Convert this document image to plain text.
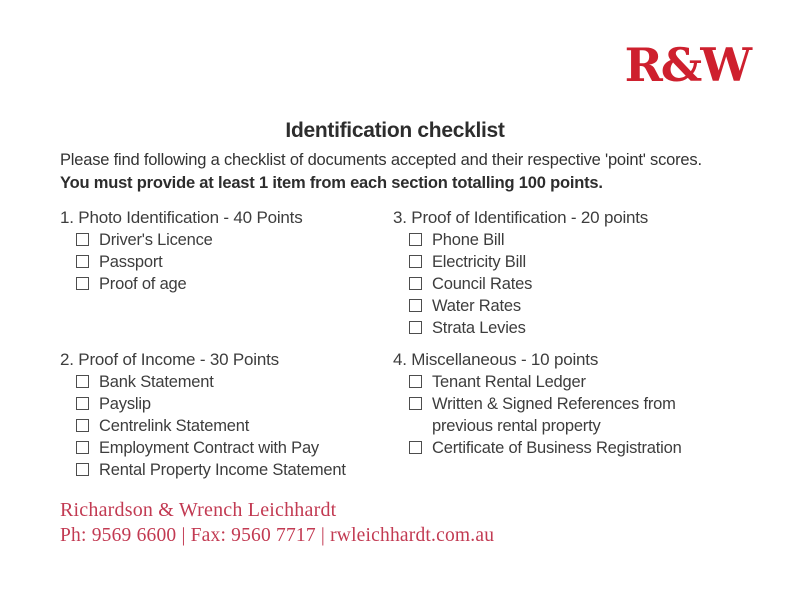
R&W
Identification checklist
Please find following a checklist of documents accepted and their respective 'point' scores.
You must provide at least 1 item from each section totalling 100 points.
1. Photo Identification - 40 Points
Driver's Licence
Passport
Proof of age
3. Proof of Identification - 20 points
Phone Bill
Electricity Bill
Council Rates
Water Rates
Strata Levies
2. Proof of Income - 30 Points
Bank Statement
Payslip
Centrelink Statement
Employment Contract with Pay
Rental Property Income Statement
4. Miscellaneous - 10 points
Tenant Rental Ledger
Written & Signed References from
previous rental property
Certificate of Business Registration
Richardson & Wrench Leichhardt
Ph: 9569 6600 | Fax: 9560 7717 | rwleichhardt.com.au
